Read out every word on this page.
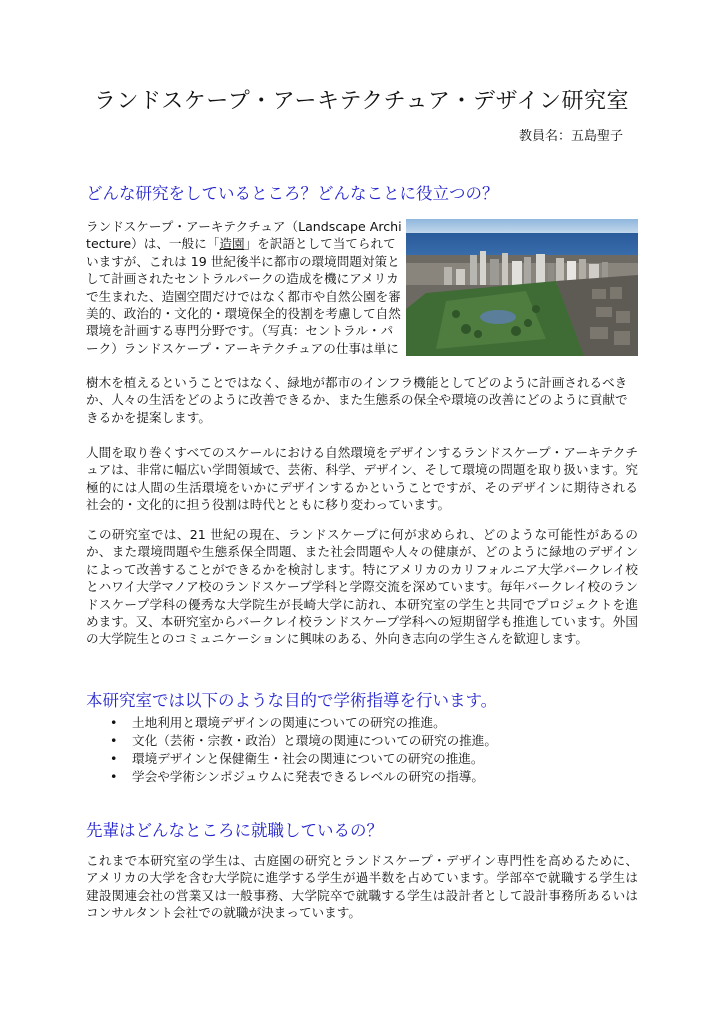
ランドスケープ・アーキテクチュア・デザイン研究室
教員名：五島聖子
どんな研究をしているところ？どんなことに役立つの？
ランドスケープ・アーキテクチュア（Landscape Architecture）は、一般に「造園」を訳語として当てられていますが、これは 19 世紀後半に都市の環境問題対策として計画されたセントラルパークの造成を機にアメリカで生まれた、造園空間だけではなく都市や自然公園を審美的、政治的・文化的・環境保全的役割を考慮して自然環境を計画する専門分野です。（写真：セントラル・パーク）ランドスケープ・アーキテクチュアの仕事は単に
樹木を植えるということではなく、緑地が都市のインフラ機能としてどのように計画されるべきか、人々の生活をどのように改善できるか、また生態系の保全や環境の改善にどのように貢献できるかを提案します。
人間を取り巻くすべてのスケールにおける自然環境をデザインするランドスケープ・アーキテクチュアは、非常に幅広い学問領域で、芸術、科学、デザイン、そして環境の問題を取り扱います。究極的には人間の生活環境をいかにデザインするかということですが、そのデザインに期待される社会的・文化的に担う役割は時代とともに移り変わっています。
この研究室では、21 世紀の現在、ランドスケープに何が求められ、どのような可能性があるのか、また環境問題や生態系保全問題、また社会問題や人々の健康が、どのように緑地のデザインによって改善することができるかを検討します。特にアメリカのカリフォルニア大学バークレイ校とハワイ大学マノア校のランドスケープ学科と学際交流を深めています。毎年バークレイ校のランドスケープ学科の優秀な大学院生が長崎大学に訪れ、本研究室の学生と共同でプロジェクトを進めます。又、本研究室からバークレイ校ランドスケープ学科への短期留学も推進しています。外国の大学院生とのコミュニケーションに興味のある、外向き志向の学生さんを歓迎します。
本研究室では以下のような目的で学術指導を行います。
• 土地利用と環境デザインの関連についての研究の推進。
• 文化（芸術・宗教・政治）と環境の関連についての研究の推進。
• 環境デザインと保健衛生・社会の関連についての研究の推進。
• 学会や学術シンポジュウムに発表できるレベルの研究の指導。
先輩はどんなところに就職しているの？
これまで本研究室の学生は、古庭園の研究とランドスケープ・デザイン専門性を高めるために、アメリカの大学を含む大学院に進学する学生が過半数を占めています。学部卒で就職する学生は建設関連会社の営業又は一般事務、大学院卒で就職する学生は設計者として設計事務所あるいはコンサルタント会社での就職が決まっています。
